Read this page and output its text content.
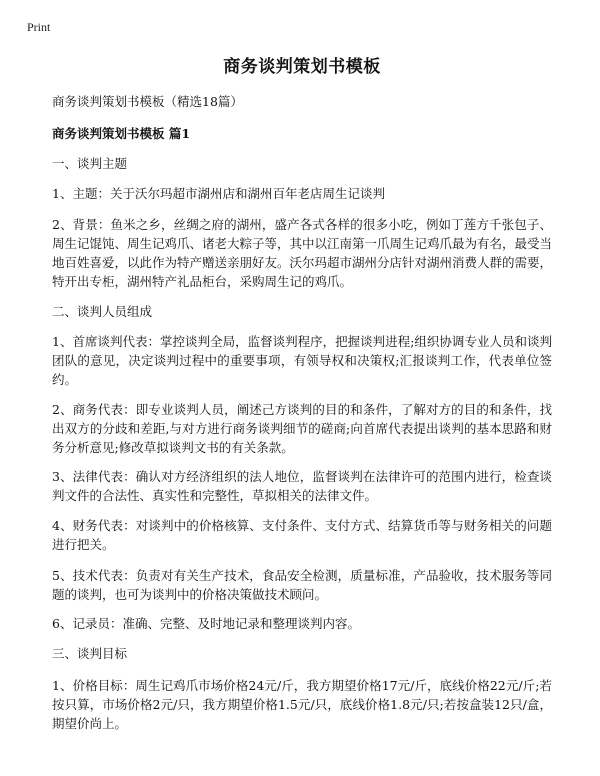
Print
商务谈判策划书模板

商务谈判策划书模板（精选18篇）

商务谈判策划书模板 篇1

一、谈判主题

1、主题：关于沃尔玛超市湖州店和湖州百年老店周生记谈判

2、背景：鱼米之乡，丝绸之府的湖州，盛产各式各样的很多小吃，例如丁莲方千张包子、周生记馄饨、周生记鸡爪、诸老大粽子等，其中以江南第一爪周生记鸡爪最为有名，最受当地百姓喜爱，以此作为特产赠送亲朋好友。沃尔玛超市湖州分店针对湖州消费人群的需要，特开出专柜，湖州特产礼品柜台，采购周生记的鸡爪。

二、谈判人员组成

1、首席谈判代表：掌控谈判全局，监督谈判程序，把握谈判进程;组织协调专业人员和谈判团队的意见，决定谈判过程中的重要事项，有领导权和决策权;汇报谈判工作，代表单位签约。

2、商务代表：即专业谈判人员，阐述己方谈判的目的和条件，了解对方的目的和条件，找出双方的分歧和差距,与对方进行商务谈判细节的磋商;向首席代表提出谈判的基本思路和财务分析意见;修改草拟谈判文书的有关条款。

3、法律代表：确认对方经济组织的法人地位，监督谈判在法律许可的范围内进行，检查谈判文件的合法性、真实性和完整性，草拟相关的法律文件。

4、财务代表：对谈判中的价格核算、支付条件、支付方式、结算货币等与财务相关的问题进行把关。

5、技术代表：负责对有关生产技术，食品安全检测，质量标准，产品验收，技术服务等同题的谈判，也可为谈判中的价格决策做技术顾问。

6、记录员：准确、完整、及时地记录和整理谈判内容。

三、谈判目标

1、价格目标：周生记鸡爪市场价格24元/斤，我方期望价格17元/斤，底线价格22元/斤;若按只算，市场价格2元/只，我方期望价格1.5元/只，底线价格1.8元/只;若按盒装12只/盒，期望价尚上。
